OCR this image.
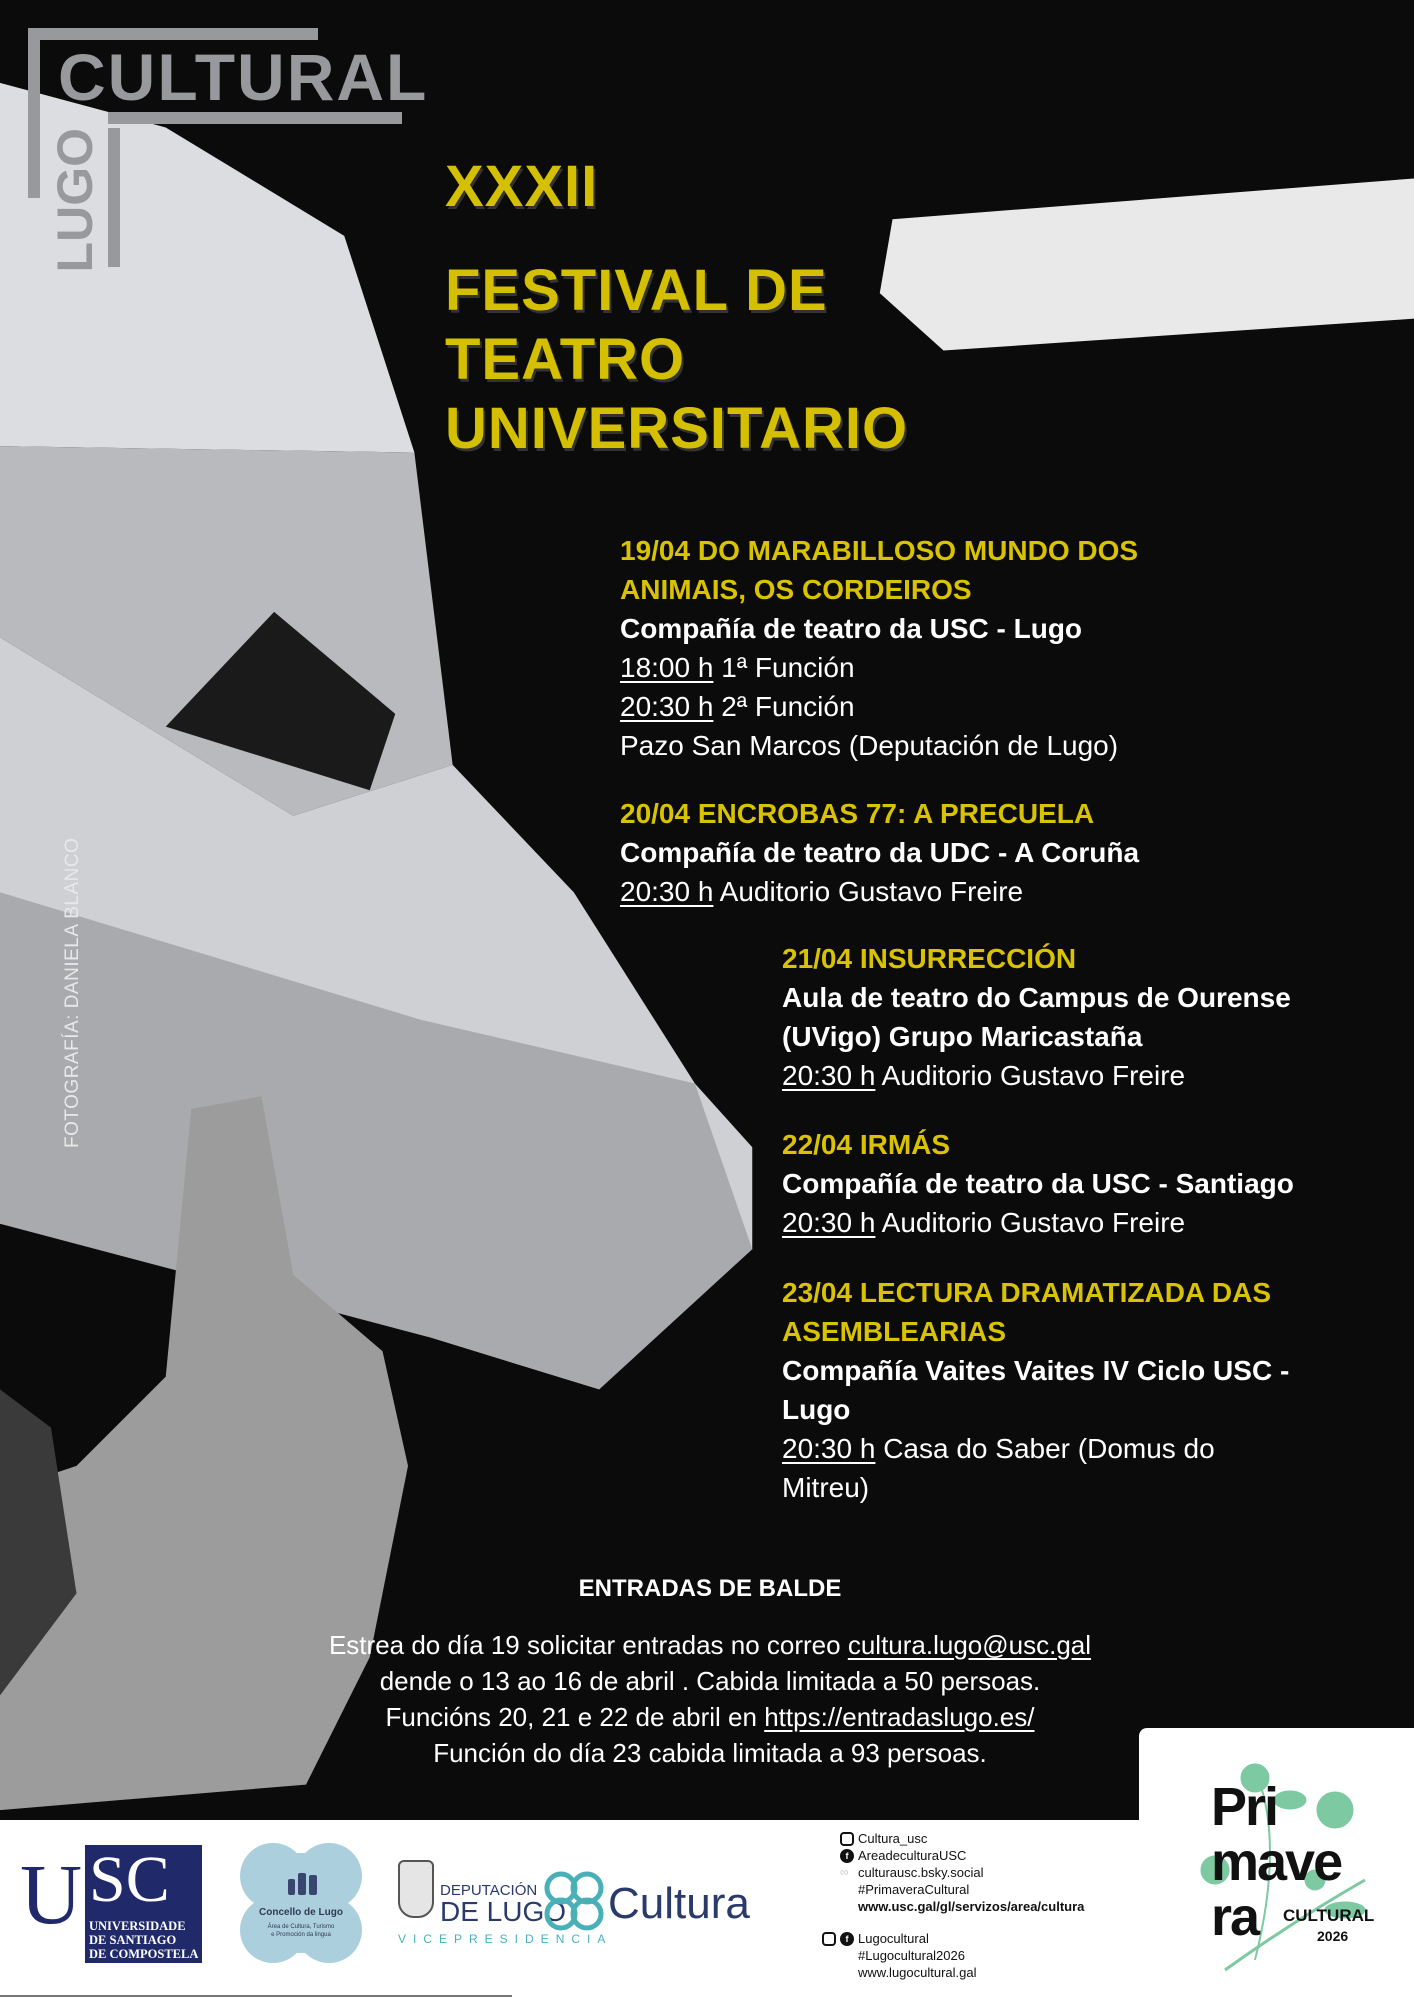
CULTURAL
LUGO	XXXII
FESTIVAL DE
TEATRO
UNIVERSITARIO
FOTOGRAFÍA: DANIELA BLANCO
19/04 DO MARABILLOSO MUNDO DOS
ANIMAIS, OS CORDEIROS
Compañía de teatro da USC - Lugo
18:00 h 1ª Función
20:30 h 2ª Función
Pazo San Marcos (Deputación de Lugo)
20/04 ENCROBAS 77: A PRECUELA
Compañía de teatro da UDC - A Coruña
20:30 h Auditorio Gustavo Freire
21/04 INSURRECCIÓN
Aula de teatro do Campus de Ourense
(UVigo) Grupo Maricastaña
20:30 h Auditorio Gustavo Freire
22/04 IRMÁS
Compañía de teatro da USC - Santiago
20:30 h Auditorio Gustavo Freire
23/04 LECTURA DRAMATIZADA DAS
ASEMBLEARIAS
Compañía Vaites Vaites IV Ciclo USC -
Lugo
20:30 h Casa do Saber (Domus do
Mitreu)
ENTRADAS DE BALDE
Estrea do día 19 solicitar entradas no correo cultura.lugo@usc.gal
dende o 13 ao 16 de abril . Cabida limitada a 50 persoas.
Funcións 20, 21 e 22 de abril en https://entradaslugo.es/
Función do día 23 cabida limitada a 93 persoas.
U SC
UNIVERSIDADE
DE SANTIAGO
DE COMPOSTELA
Concello de Lugo
Área de Cultura, Turismo
e Promoción da lingua
DEPUTACIÓN
DE LUGO Cultura
VICEPRESIDENCIA
Cultura_usc
f AreadeculturaUSC
∞ culturausc.bsky.social
#PrimaveraCultural
www.usc.gal/gl/servizos/area/cultura
f Lugocultural
#Lugocultural2026
www.lugocultural.gal
Pri
mave
ra CULTURAL
2026
